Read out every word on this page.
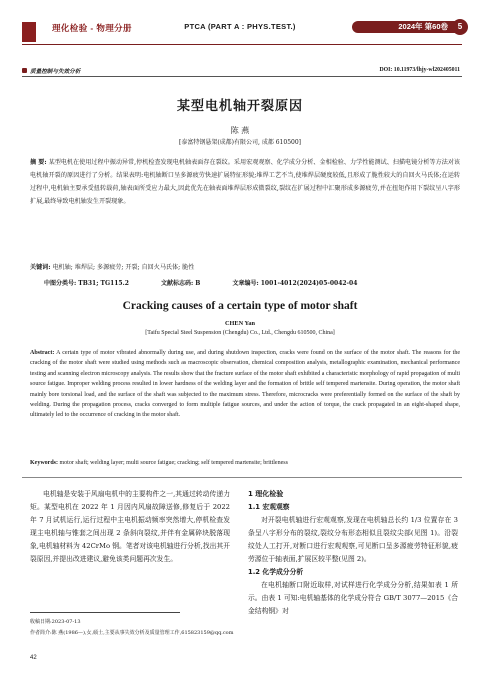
理化检验 - 物理分册	PTCA (PART A : PHYS.TEST.)	2024年 第60卷	5
质量控制与失效分析	DOI: 10.11973/lhjy-wl202405011
某型电机轴开裂原因
陈 燕
[泰富特钢悬架(成都)有限公司, 成都 610500]
摘 要: 某型电机在使用过程中振动异常,停机检查发现电机轴表面存在裂纹。采用宏观观察、化学成分分析、金相检验、力学性能测试、扫描电镜分析等方法对该电机轴开裂的原因进行了分析。结果表明:电机轴断口呈多源疲劳快速扩展特征形貌;堆焊工艺不当,使堆焊层硬度较低,且形成了脆性较大的自回火马氏体;在运转过程中,电机轴主要承受扭转载荷,轴表面所受应力最大,因此优先在轴表面堆焊层形成微裂纹,裂纹在扩展过程中汇聚形成多源疲劳,并在扭矩作用下裂纹呈八字形扩展,最终导致电机轴发生开裂现象。
关键词: 电机轴; 堆焊层; 多源疲劳; 开裂; 自回火马氏体; 脆性
中图分类号: TB31; TG115.2	文献标志码: B	文章编号: 1001-4012(2024)05-0042-04
Cracking causes of a certain type of motor shaft
CHEN Yan
[Taifu Special Steel Suspension (Chengdu) Co., Ltd., Chengdu 610500, China]
Abstract: A certain type of motor vibrated abnormally during use, and during shutdown inspection, cracks were found on the surface of the motor shaft. The reasons for the cracking of the motor shaft were studied using methods such as macroscopic observation, chemical composition analysis, metallographic examination, mechanical performance testing and scanning electron microscopy analysis. The results show that the fracture surface of the motor shaft exhibited a characteristic morphology of rapid propagation of multi source fatigue. Improper welding process resulted in lower hardness of the welding layer and the formation of brittle self tempered martensite. During operation, the motor shaft mainly bore torsional load, and the surface of the shaft was subjected to the maximum stress. Therefore, microcracks were preferentially formed on the surface of the shaft by welding. During the propagation process, cracks converged to form multiple fatigue sources, and under the action of torque, the crack propagated in an eight-shaped shape, ultimately led to the occurrence of cracking in the motor shaft.
Keywords: motor shaft; welding layer; multi source fatigue; cracking; self tempered martensite; brittleness
电机轴是安装于风扇电机中的主要构件之一,其通过转动传递力矩。某型电机在 2022 年 1 月因内风扇故障送修,修复后于 2022 年 7 月试机运行,运行过程中主电机振动频率突然增大,停机检查发现主电机轴与锥套之间出现 2 条斜向裂纹,并伴有金属碎块脱落现象,电机轴材料为 42CrMo 钢。笔者对该电机轴进行分析,找出其开裂原因,并提出改进建议,避免该类问题再次发生。
收稿日期:2023-07-13
作者简介:陈 燕(1986—),女,硕士,主要从事失效分析及质量管理工作,615823159@qq.com
42
1 理化检验
1.1 宏观观察
对开裂电机轴进行宏观观察,发现在电机轴总长约 1/3 位置存在 3 条呈八字形分布的裂纹,裂纹分布形态相似且裂纹尖部(见图 1)。沿裂纹处人工打开,对断口进行宏观观察,可见断口呈多源疲劳特征形貌,疲劳源位于轴表面,扩展区较平整(见图 2)。
1.2 化学成分分析
在电机轴断口附近取样,对试样进行化学成分分析,结果如表 1 所示。由表 1 可知:电机轴基体的化学成分符合 GB/T 3077—2015《合金结构钢》对
